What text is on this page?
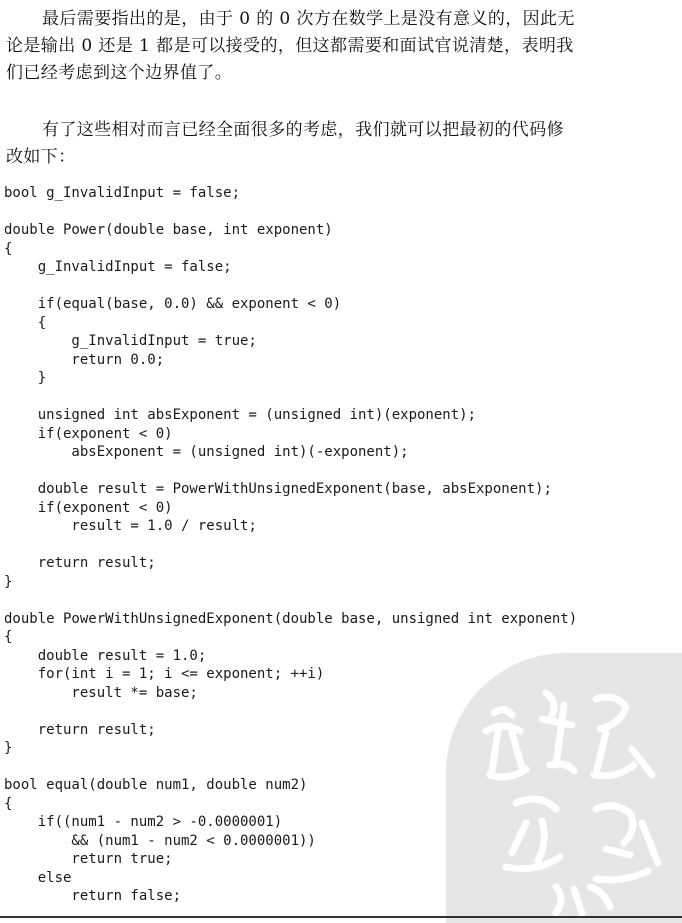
最后需要指出的是，由于 0 的 0 次方在数学上是没有意义的，因此无
论是输出 0 还是 1 都是可以接受的，但这都需要和面试官说清楚，表明我
们已经考虑到这个边界值了。

有了这些相对而言已经全面很多的考虑，我们就可以把最初的代码修
改如下：

bool g_InvalidInput = false;
double Power(double base, int exponent)
{
g_InvalidInput = false;
if(equal(base, 0.0) && exponent < 0)
{
g_InvalidInput = true;
return 0.0;
}
unsigned int absExponent = (unsigned int)(exponent);
if(exponent < 0)
absExponent = (unsigned int)(-exponent);
double result = PowerWithUnsignedExponent(base, absExponent);
if(exponent < 0)
result = 1.0 / result;
return result;
}
double PowerWithUnsignedExponent(double base, unsigned int exponent)
{
double result = 1.0;
for(int i = 1; i <= exponent; ++i)
result *= base;
return result;
}
bool equal(double num1, double num2)
{
if((num1 - num2 > -0.0000001)
&& (num1 - num2 < 0.0000001))
return true;
else
return false;
